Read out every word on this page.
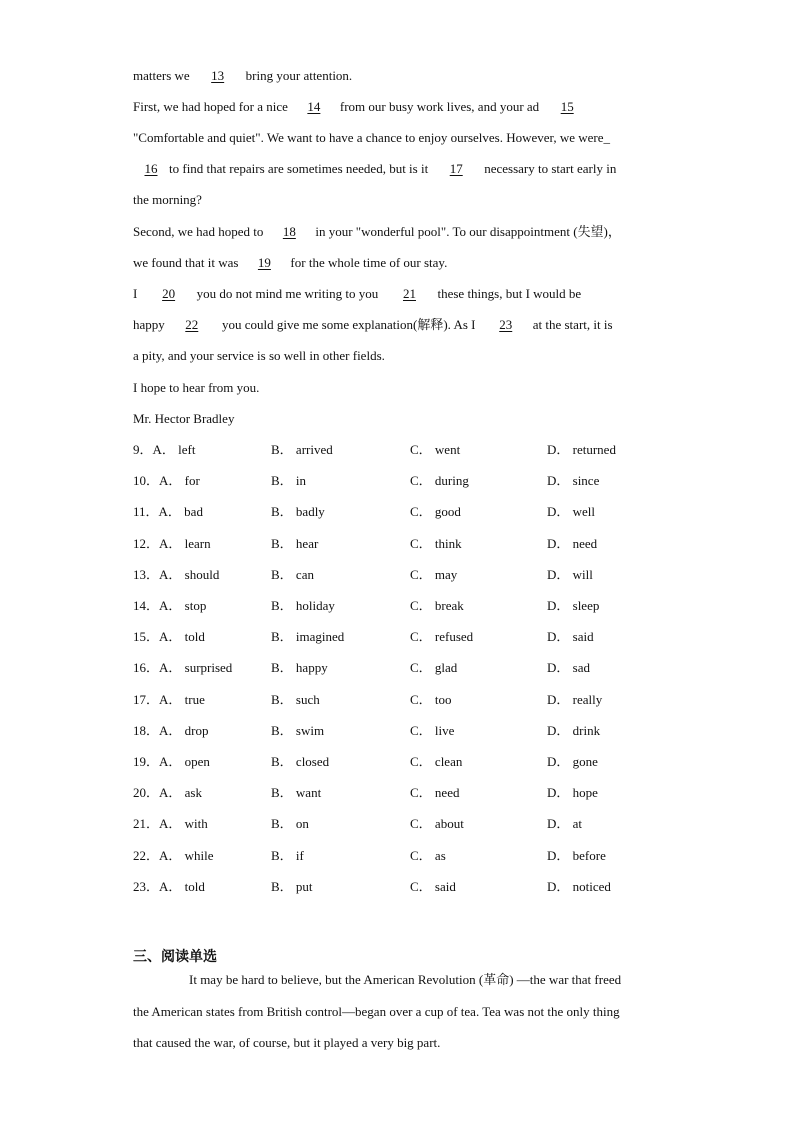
matters we 13 bring your attention.
First, we had hoped for a nice 14 from our busy work lives, and your ad 15
"Comfortable and quiet". We want to have a chance to enjoy ourselves. However, we were_
16 to find that repairs are sometimes needed, but is it 17 necessary to start early in
the morning?
Second, we had hoped to 18 in your "wonderful pool". To our disappointment (失望)，
we found that it was 19 for the whole time of our stay.
I 20 you do not mind me writing to you 21 these things, but I would be
happy 22 you could give me some explanation(解释). As I 23 at the start, it is
a pity, and your service is so well in other fields.
I hope to hear from you.
Mr. Hector Bradley
9．A． left	B． arrived	C． went	D． returned
10．A． for	B． in	C． during	D． since
11．A． bad	B． badly	C． good	D． well
12．A． learn	B． hear	C． think	D． need
13．A． should	B． can	C． may	D． will
14．A． stop	B． holiday	C． break	D． sleep
15．A． told	B． imagined	C． refused	D． said
16．A． surprised	B． happy	C． glad	D． sad
17．A． true	B． such	C． too	D． really
18．A． drop	B． swim	C． live	D． drink
19．A． open	B． closed	C． clean	D． gone
20．A． ask	B． want	C． need	D． hope
21．A． with	B． on	C． about	D． at
22．A． while	B． if	C． as	D． before
23．A． told	B． put	C． said	D． noticed
三、阅读单选
It may be hard to believe, but the American Revolution (革命) —the war that freed
the American states from British control—began over a cup of tea. Tea was not the only thing
that caused the war, of course, but it played a very big part.
